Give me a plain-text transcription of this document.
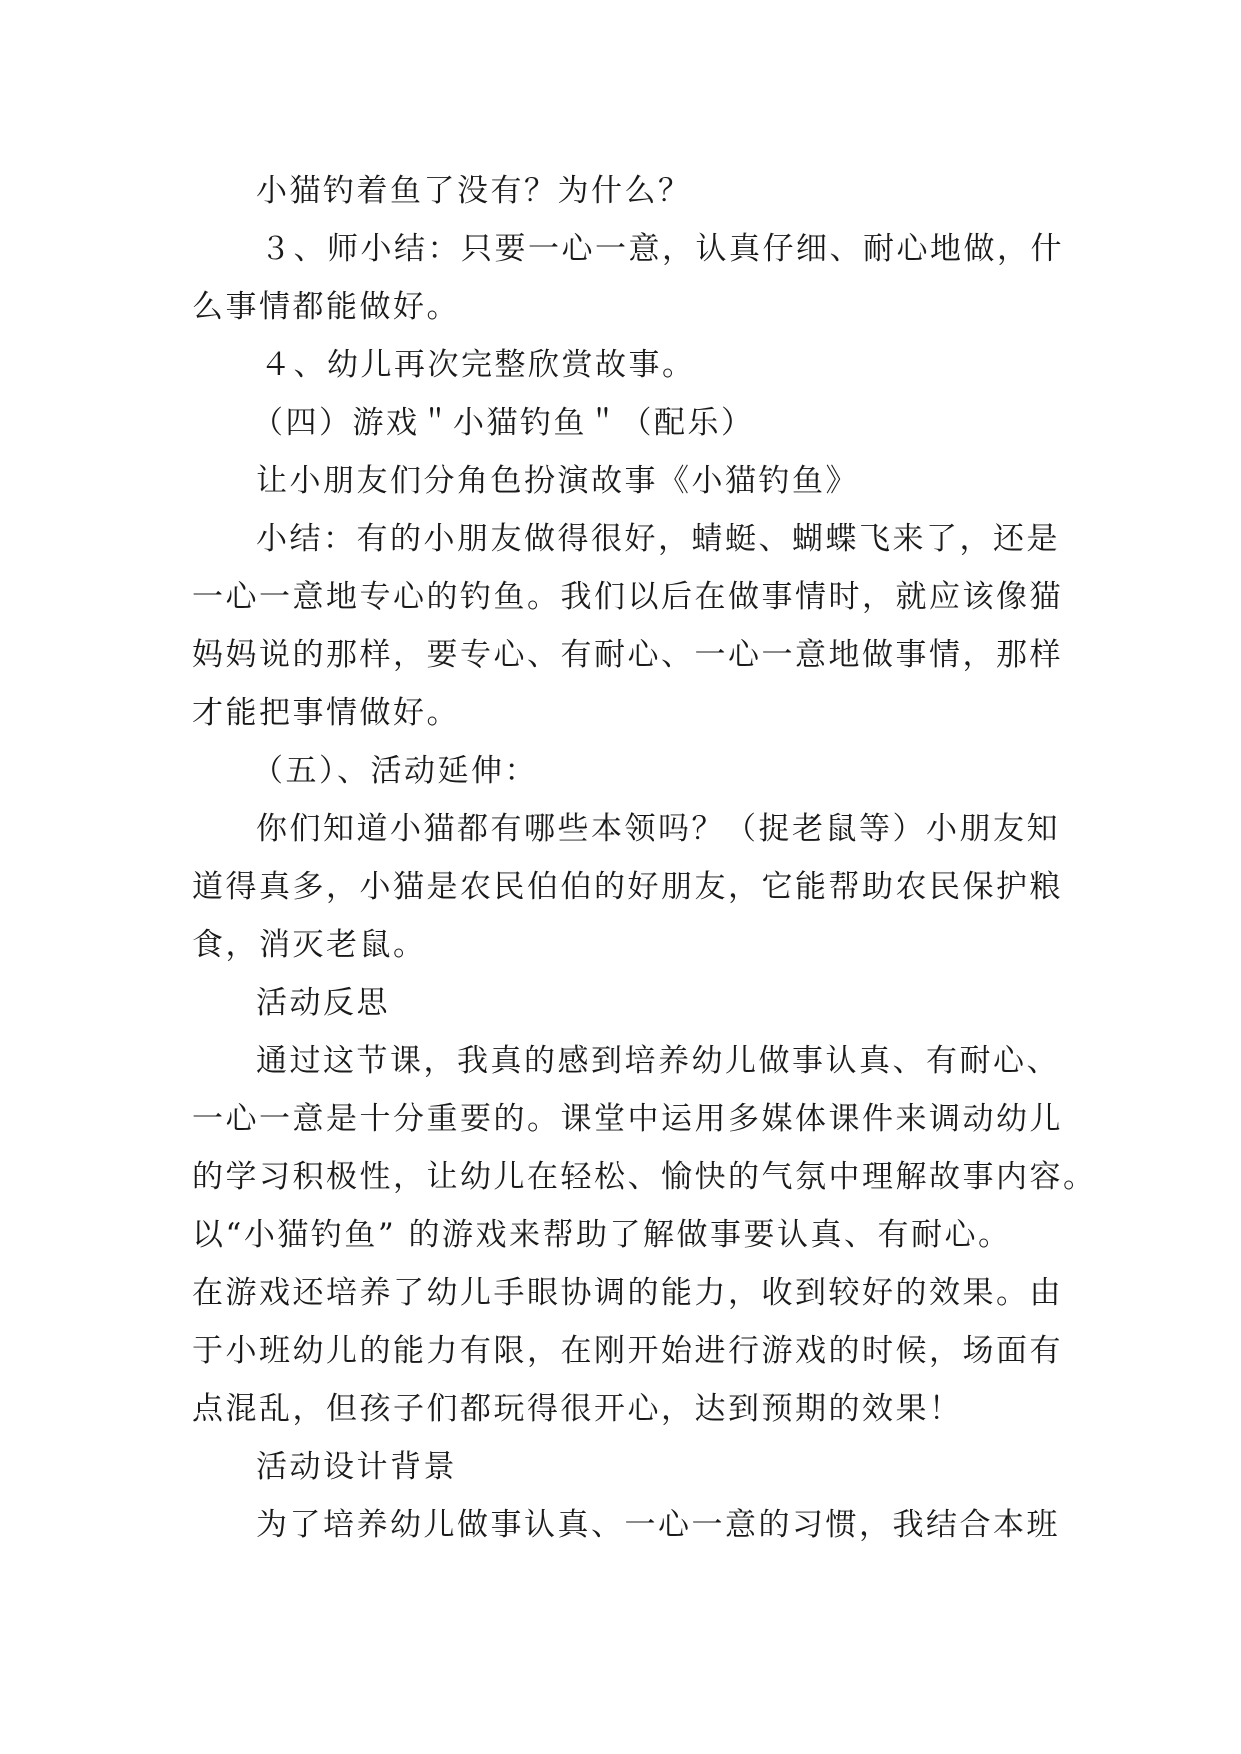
小猫钓着鱼了没有？为什么？
３、师小结：只要一心一意，认真仔细、耐心地做，什
么事情都能做好。
４、幼儿再次完整欣赏故事。
（四）游戏＂小猫钓鱼＂（配乐）
让小朋友们分角色扮演故事《小猫钓鱼》
小结：有的小朋友做得很好，蜻蜓、蝴蝶飞来了，还是
一心一意地专心的钓鱼。我们以后在做事情时，就应该像猫
妈妈说的那样，要专心、有耐心、一心一意地做事情，那样
才能把事情做好。
（五）、活动延伸：
你们知道小猫都有哪些本领吗？（捉老鼠等）小朋友知
道得真多，小猫是农民伯伯的好朋友，它能帮助农民保护粮
食，消灭老鼠。
活动反思
通过这节课，我真的感到培养幼儿做事认真、有耐心、
一心一意是十分重要的。课堂中运用多媒体课件来调动幼儿
的学习积极性，让幼儿在轻松、愉快的气氛中理解故事内容。
以“小猫钓鱼” 的游戏来帮助了解做事要认真、有耐心。
在游戏还培养了幼儿手眼协调的能力，收到较好的效果。由
于小班幼儿的能力有限，在刚开始进行游戏的时候，场面有
点混乱，但孩子们都玩得很开心，达到预期的效果！
活动设计背景
为了培养幼儿做事认真、一心一意的习惯，我结合本班
